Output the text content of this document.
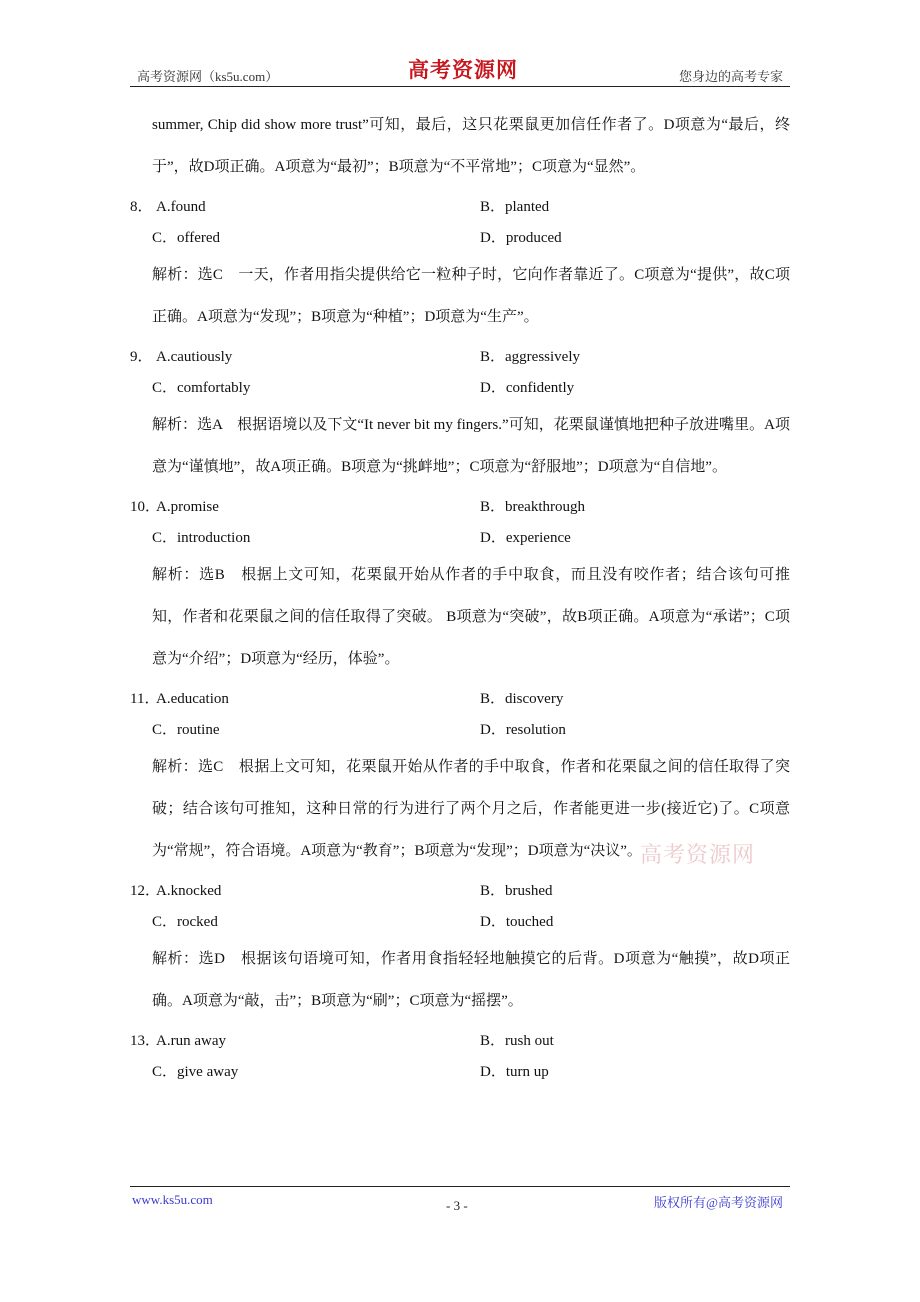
高考资源网（ks5u.com）	高考资源网	您身边的高考专家

summer, Chip did show more trust”可知，最后，这只花栗鼠更加信任作者了。D项意为“最后，终于”，故D项正确。A项意为“最初”；B项意为“不平常地”；C项意为“显然”。

8． A.found	B．planted
C．offered	D．produced

解析：选C　一天，作者用指尖提供给它一粒种子时，它向作者靠近了。C项意为“提供”，故C项正确。A项意为“发现”；B项意为“种植”；D项意为“生产”。

9． A.cautiously	B．aggressively
C．comfortably	D．confidently

解析：选A　根据语境以及下文“It never bit my fingers.”可知，花栗鼠谨慎地把种子放进嘴里。A项意为“谨慎地”，故A项正确。B项意为“挑衅地”；C项意为“舒服地”；D项意为“自信地”。

10．
A.promise	B．breakthrough
C．introduction	D．experience

解析：选B　根据上文可知，花栗鼠开始从作者的手中取食，而且没有咬作者；结合该句可推知，作者和花栗鼠之间的信任取得了突破。 B项意为“突破”，故B项正确。A项意为“承诺”；C项意为“介绍”；D项意为“经历，体验”。

11．
A.education	B．discovery
C．routine	D．resolution

解析：选C　根据上文可知，花栗鼠开始从作者的手中取食，作者和花栗鼠之间的信任取得了突破；结合该句可推知，这种日常的行为进行了两个月之后，作者能更进一步(接近它)了。C项意为“常规”，符合语境。A项意为“教育”；B项意为“发现”；D项意为“决议”。

12．
A.knocked	B．brushed
C．rocked	D．touched

解析：选D　根据该句语境可知，作者用食指轻轻地触摸它的后背。D项意为“触摸”，故D项正确。A项意为“敲，击”；B项意为“刷”；C项意为“摇摆”。

13．
A.run away	B．rush out
C．give away	D．turn up
高考资源网
www.ks5u.com	- 3 -	版权所有@高考资源网
